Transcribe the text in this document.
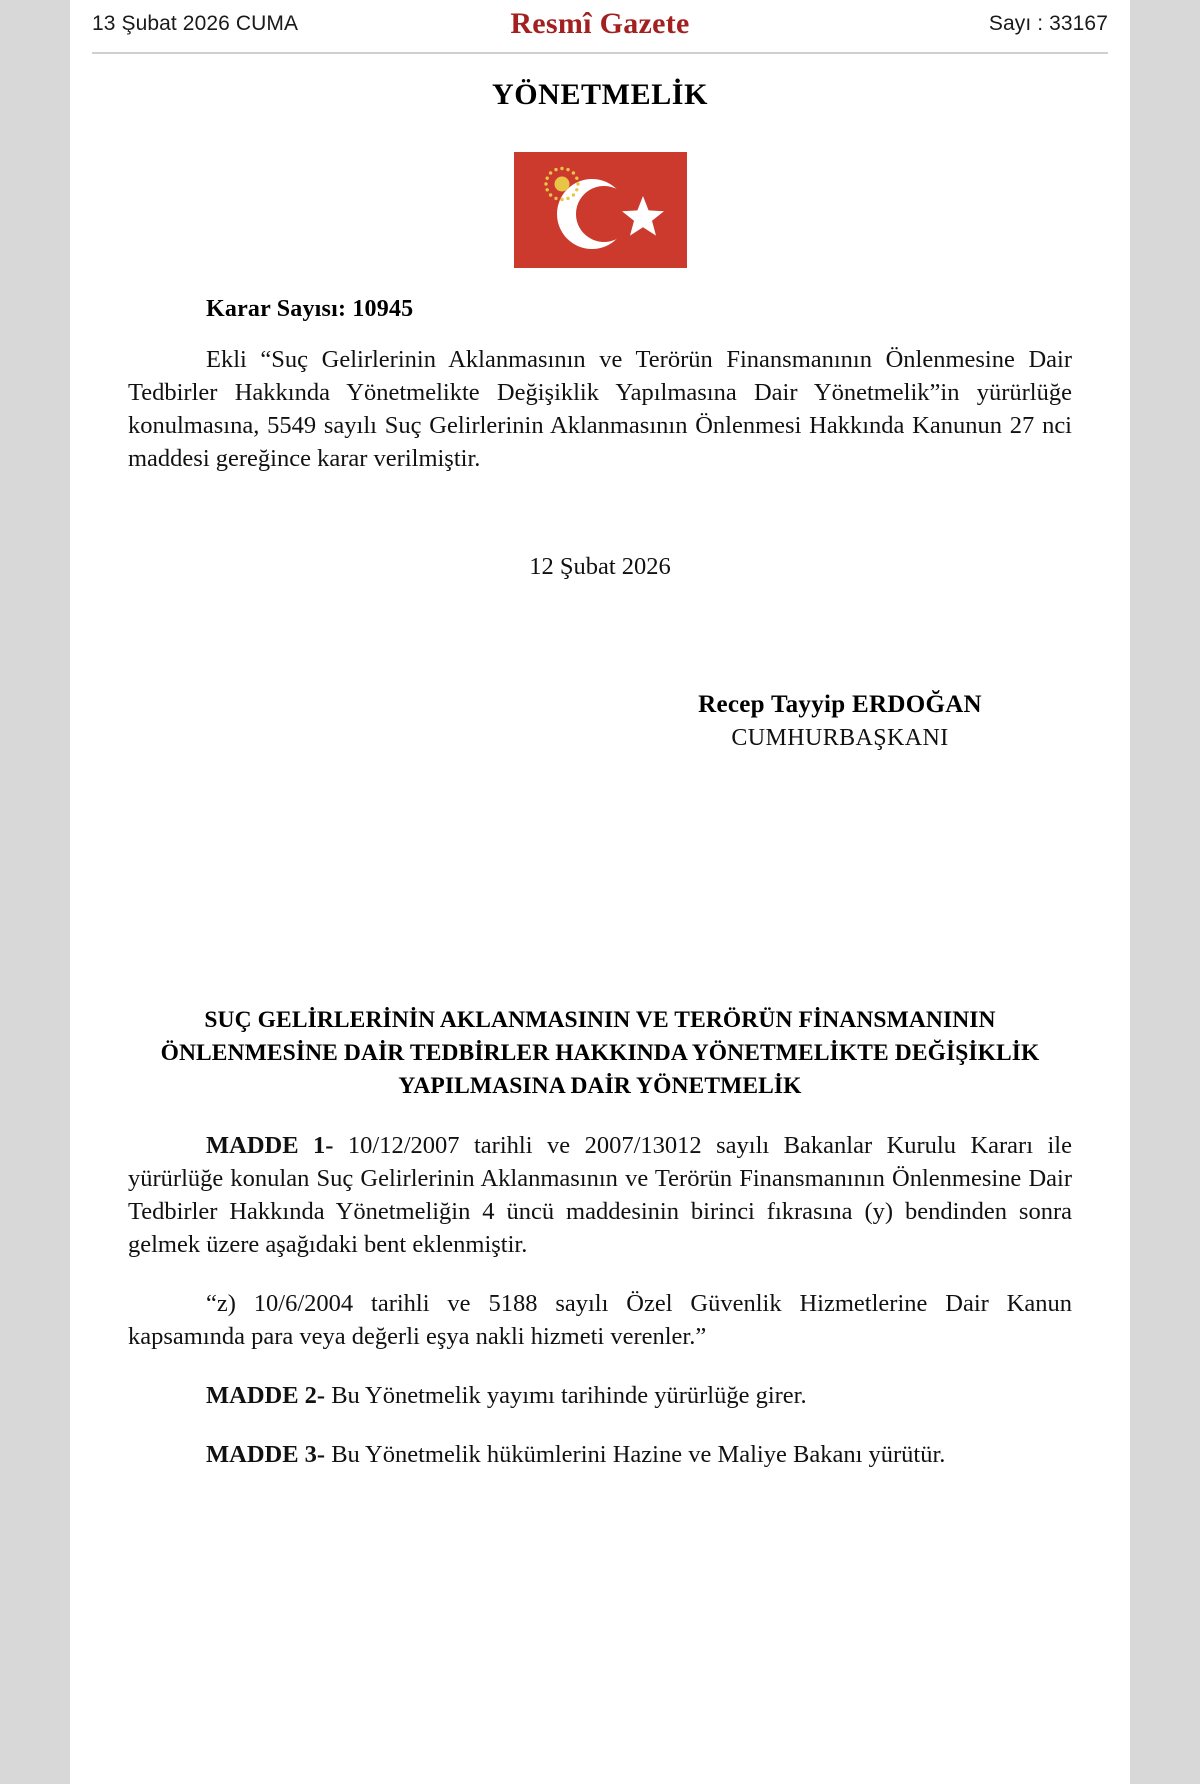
13 Şubat 2026 CUMA	Resmî Gazete	Sayı : 33167
YÖNETMELİK
Karar Sayısı: 10945
Ekli “Suç Gelirlerinin Aklanmasının ve Terörün Finansmanının Önlenmesine Dair Tedbirler Hakkında Yönetmelikte Değişiklik Yapılmasına Dair Yönetmelik”in yürürlüğe konulmasına, 5549 sayılı Suç Gelirlerinin Aklanmasının Önlenmesi Hakkında Kanunun 27 nci maddesi gereğince karar verilmiştir.
12 Şubat 2026
Recep Tayyip ERDOĞAN
CUMHURBAŞKANI
SUÇ GELİRLERİNİN AKLANMASININ VE TERÖRÜN FİNANSMANININ ÖNLENMESİNE DAİR TEDBİRLER HAKKINDA YÖNETMELİKTE DEĞİŞİKLİK YAPILMASINA DAİR YÖNETMELİK
MADDE 1- 10/12/2007 tarihli ve 2007/13012 sayılı Bakanlar Kurulu Kararı ile yürürlüğe konulan Suç Gelirlerinin Aklanmasının ve Terörün Finansmanının Önlenmesine Dair Tedbirler Hakkında Yönetmeliğin 4 üncü maddesinin birinci fıkrasına (y) bendinden sonra gelmek üzere aşağıdaki bent eklenmiştir.
“z) 10/6/2004 tarihli ve 5188 sayılı Özel Güvenlik Hizmetlerine Dair Kanun kapsamında para veya değerli eşya nakli hizmeti verenler.”
MADDE 2- Bu Yönetmelik yayımı tarihinde yürürlüğe girer.
MADDE 3- Bu Yönetmelik hükümlerini Hazine ve Maliye Bakanı yürütür.
